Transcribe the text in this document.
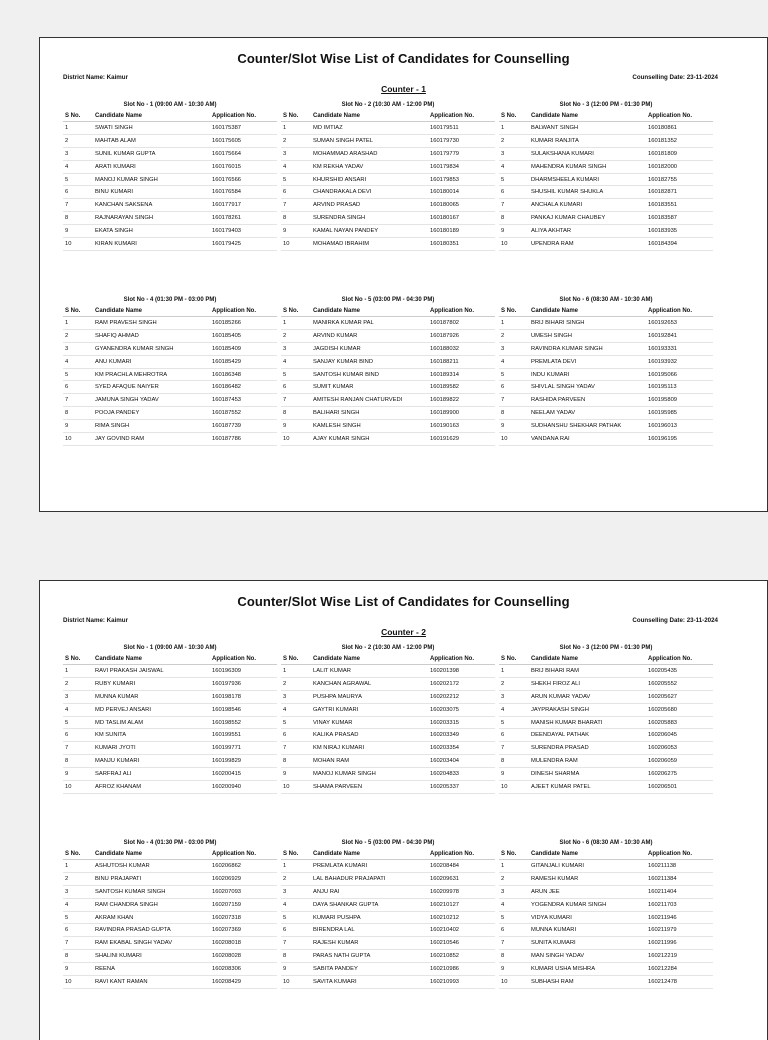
Counter/Slot Wise List of Candidates for Counselling
District Name: Kaimur	Counselling Date: 23-11-2024
Counter - 1
Slot No - 1 (09:00 AM - 10:30 AM)
S No.	Candidate Name	Application No.
1	SWATI SINGH	160175387
2	MAHTAB ALAM	160175605
3	SUNIL KUMAR GUPTA	160175664
4	ARATI KUMARI	160176015
5	MANOJ KUMAR SINGH	160176566
6	BINU KUMARI	160176584
7	KANCHAN SAKSENA	160177917
8	RAJNARAYAN SINGH	160178261
9	EKATA SINGH	160179403
10	KIRAN KUMARI	160179425
Slot No - 2 (10:30 AM - 12:00 PM)
S No.	Candidate Name	Application No.
1	MD IMTIAZ	160179511
2	SUMAN SINGH PATEL	160179730
3	MOHAMMAD ARASHAD	160179779
4	KM REKHA YADAV	160179834
5	KHURSHID ANSARI	160179853
6	CHANDRAKALA DEVI	160180014
7	ARVIND PRASAD	160180065
8	SURENDRA SINGH	160180167
9	KAMAL NAYAN PANDEY	160180189
10	MOHAMAD IBRAHIM	160180351
Slot No - 3 (12:00 PM - 01:30 PM)
S No.	Candidate Name	Application No.
1	BALWANT SINGH	160180861
2	KUMARI RANJITA	160181352
3	SULAKSHANA KUMARI	160181809
4	MAHENDRA KUMAR SINGH	160182000
5	DHARMSHEELA KUMARI	160182755
6	SHUSHIL KUMAR SHUKLA	160182871
7	ANCHALA KUMARI	160183551
8	PANKAJ KUMAR CHAUBEY	160183587
9	ALIYA AKHTAR	160183935
10	UPENDRA RAM	160184394
Slot No - 4 (01:30 PM - 03:00 PM)
S No.	Candidate Name	Application No.
1	RAM PRAVESH SINGH	160185266
2	SHAFIQ AHMAD	160185405
3	GYANENDRA KUMAR SINGH	160185409
4	ANU KUMARI	160185429
5	KM PRACHLA MEHROTRA	160186348
6	SYED AFAQUE NAIYER	160186482
7	JAMUNA SINGH YADAV	160187453
8	POOJA PANDEY	160187552
9	RIMA SINGH	160187739
10	JAY GOVIND RAM	160187786
Slot No - 5 (03:00 PM - 04:30 PM)
S No.	Candidate Name	Application No.
1	MANIRKA KUMAR PAL	160187802
2	ARVIND KUMAR	160187926
3	JAGDISH KUMAR	160188032
4	SANJAY KUMAR BIND	160188211
5	SANTOSH KUMAR BIND	160189314
6	SUMIT KUMAR	160189582
7	AMITESH RANJAN CHATURVEDI	160189822
8	BALIHARI SINGH	160189900
9	KAMLESH SINGH	160190163
10	AJAY KUMAR SINGH	160191629
Slot No - 6 (08:30 AM - 10:30 AM)
S No.	Candidate Name	Application No.
1	BRIJ BIHARI SINGH	160192653
2	UMESH SINGH	160192841
3	RAVINDRA KUMAR SINGH	160193331
4	PREMLATA DEVI	160193932
5	INDU KUMARI	160195066
6	SHIVLAL SINGH YADAV	160195113
7	RASHIDA PARVEEN	160195809
8	NEELAM YADAV	160195985
9	SUDHANSHU SHEKHAR PATHAK	160196013
10	VANDANA RAI	160196195
Counter/Slot Wise List of Candidates for Counselling
District Name: Kaimur	Counselling Date: 23-11-2024
Counter - 2
Slot No - 1 (09:00 AM - 10:30 AM)
S No.	Candidate Name	Application No.
1	RAVI PRAKASH JAISWAL	160196309
2	RUBY KUMARI	160197936
3	MUNNA KUMAR	160198178
4	MD PERVEJ ANSARI	160198546
5	MD TASLIM ALAM	160198552
6	KM SUNITA	160199551
7	KUMARI JYOTI	160199771
8	MANJU KUMARI	160199829
9	SARFRAJ ALI	160200415
10	AFROZ KHANAM	160200940
Slot No - 2 (10:30 AM - 12:00 PM)
S No.	Candidate Name	Application No.
1	LALIT KUMAR	160201398
2	KANCHAN AGRAWAL	160202172
3	PUSHPA MAURYA	160202212
4	GAYTRI KUMARI	160203075
5	VINAY KUMAR	160203315
6	KALIKA PRASAD	160203349
7	KM NIRAJ KUMARI	160203354
8	MOHAN RAM	160203404
9	MANOJ KUMAR SINGH	160204833
10	SHAMA PARVEEN	160205337
Slot No - 3 (12:00 PM - 01:30 PM)
S No.	Candidate Name	Application No.
1	BRIJ BIHARI RAM	160205435
2	SHEKH FIROZ ALI	160205552
3	ARUN KUMAR YADAV	160205627
4	JAYPRAKASH SINGH	160205680
5	MANISH KUMAR BHARATI	160205883
6	DEENDAYAL PATHAK	160206045
7	SURENDRA PRASAD	160206053
8	MULENDRA RAM	160206059
9	DINESH SHARMA	160206275
10	AJEET KUMAR PATEL	160206501
Slot No - 4 (01:30 PM - 03:00 PM)
S No.	Candidate Name	Application No.
1	ASHUTOSH KUMAR	160206862
2	BINU PRAJAPATI	160206929
3	SANTOSH KUMAR SINGH	160207093
4	RAM CHANDRA SINGH	160207159
5	AKRAM KHAN	160207318
6	RAVINDRA PRASAD GUPTA	160207369
7	RAM EKABAL SINGH YADAV	160208018
8	SHALINI KUMARI	160208028
9	REENA	160208306
10	RAVI KANT RAMAN	160208429
Slot No - 5 (03:00 PM - 04:30 PM)
S No.	Candidate Name	Application No.
1	PREMLATA KUMARI	160208484
2	LAL BAHADUR PRAJAPATI	160209631
3	ANJU RAI	160209978
4	DAYA SHANKAR GUPTA	160210127
5	KUMARI PUSHPA	160210212
6	BIRENDRA LAL	160210402
7	RAJESH KUMAR	160210546
8	PARAS NATH GUPTA	160210852
9	SABITA PANDEY	160210986
10	SAVITA KUMARI	160210993
Slot No - 6 (08:30 AM - 10:30 AM)
S No.	Candidate Name	Application No.
1	GITANJALI KUMARI	160211138
2	RAMESH KUMAR	160211384
3	ARUN JEE	160211404
4	YOGENDRA KUMAR SINGH	160211703
5	VIDYA KUMARI	160211946
6	MUNNA KUMARI	160211979
7	SUNITA KUMARI	160211996
8	MAN SINGH YADAV	160212219
9	KUMARI USHA MISHRA	160212284
10	SUBHASH RAM	160212478
